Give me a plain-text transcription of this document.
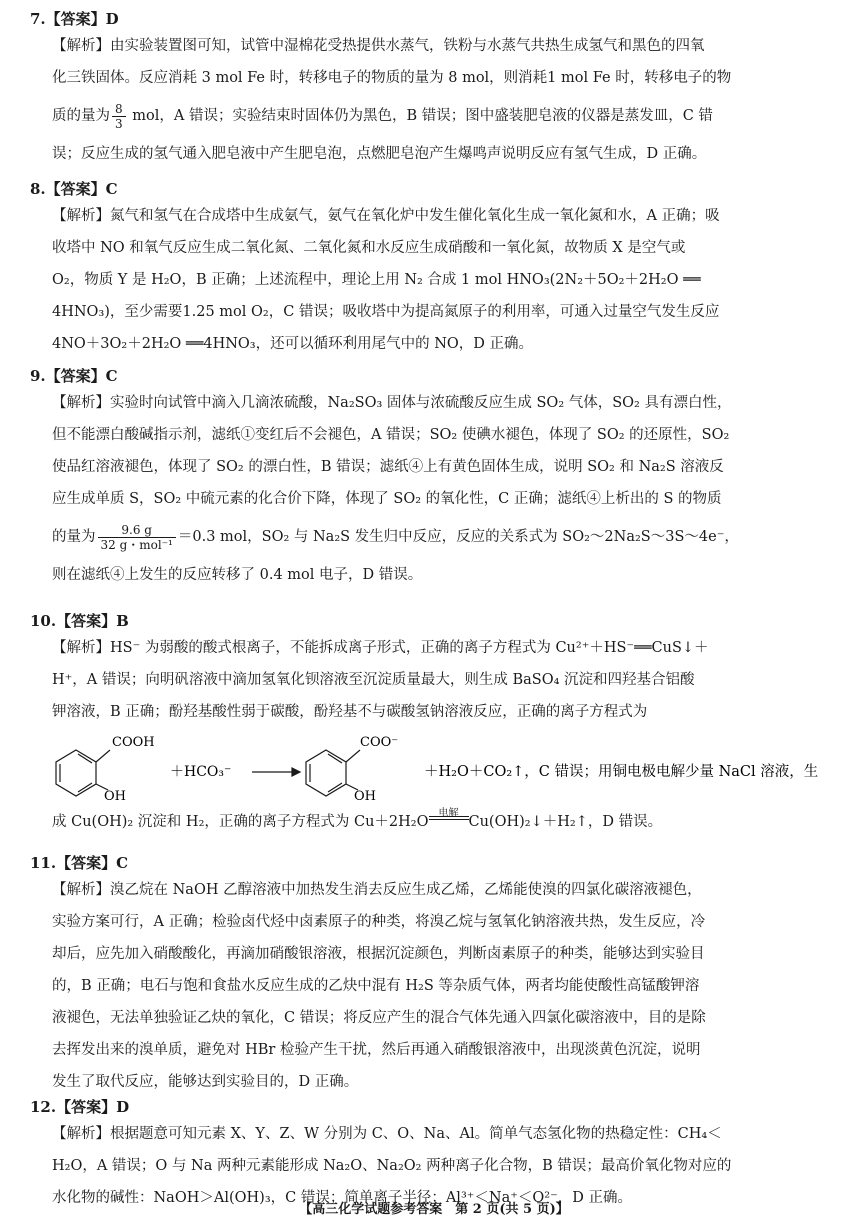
7.【答案】D
【解析】由实验装置图可知，试管中湿棉花受热提供水蒸气，铁粉与水蒸气共热生成氢气和黑色的四氧
化三铁固体。反应消耗 3 mol Fe 时，转移电子的物质的量为 8 mol，则消耗1 mol Fe 时，转移电子的物
质的量为 $\frac{8}{3}$ mol，A 错误；实验结束时固体仍为黑色，B 错误；图中盛装肥皂液的仪器是蒸发皿，C 错
误；反应生成的氢气通入肥皂液中产生肥皂泡，点燃肥皂泡产生爆鸣声说明反应有氢气生成，D 正确。
8.【答案】C
【解析】氮气和氢气在合成塔中生成氨气，氨气在氧化炉中发生催化氧化生成一氧化氮和水，A 正确；吸
收塔中 NO 和氧气反应生成二氧化氮、二氧化氮和水反应生成硝酸和一氧化氮，故物质 X 是空气或
O₂，物质 Y 是 H₂O，B 正确；上述流程中，理论上用 N₂ 合成 1 mol HNO₃(2N₂＋5O₂＋2H₂O ══
4HNO₃)，至少需要1.25 mol O₂，C 错误；吸收塔中为提高氮原子的利用率，可通入过量空气发生反应
4NO＋3O₂＋2H₂O ══4HNO₃，还可以循环利用尾气中的 NO，D 正确。
9.【答案】C
【解析】实验时向试管中滴入几滴浓硫酸，Na₂SO₃ 固体与浓硫酸反应生成 SO₂ 气体，SO₂ 具有漂白性，
但不能漂白酸碱指示剂，滤纸①变红后不会褪色，A 错误；SO₂ 使碘水褪色，体现了 SO₂ 的还原性，SO₂
使品红溶液褪色，体现了 SO₂ 的漂白性，B 错误；滤纸④上有黄色固体生成，说明 SO₂ 和 Na₂S 溶液反
应生成单质 S，SO₂ 中硫元素的化合价下降，体现了 SO₂ 的氧化性，C 正确；滤纸④上析出的 S 的物质
的量为 $\frac{9.6 g}{\text{32 g・mol⁻¹}} =0.3$ mol，SO₂ 与 Na₂S 发生归中反应，反应的关系式为 SO₂～2Na₂S～3S～4e⁻，
则在滤纸④上发生的反应转移了 0.4 mol 电子，D 错误。
10.【答案】B
【解析】HS⁻ 为弱酸的酸式根离子，不能拆成离子形式，正确的离子方程式为 Cu²⁺＋HS⁻══CuS↓＋
H⁺，A 错误；向明矾溶液中滴加氢氧化钡溶液至沉淀质量最大，则生成 BaSO₄ 沉淀和四羟基合铝酸
钾溶液，B 正确；酚羟基酸性弱于碳酸，酚羟基不与碳酸氢钠溶液反应，正确的离子方程式为
COOH
OH
＋HCO₃⁻
COO⁻
OH
＋H₂O＋CO₂↑，C 错误；用铜电极电解少量 NaCl 溶液，生
成 Cu(OH)₂ 沉淀和 H₂，正确的离子方程式为 Cu＋2H₂O
电解
Cu(OH)₂↓＋H₂↑，D 错误。
11.【答案】C
【解析】溴乙烷在 NaOH 乙醇溶液中加热发生消去反应生成乙烯，乙烯能使溴的四氯化碳溶液褪色，
实验方案可行，A 正确；检验卤代烃中卤素原子的种类，将溴乙烷与氢氧化钠溶液共热，发生反应，冷
却后，应先加入硝酸酸化，再滴加硝酸银溶液，根据沉淀颜色，判断卤素原子的种类，能够达到实验目
的，B 正确；电石与饱和食盐水反应生成的乙炔中混有 H₂S 等杂质气体，两者均能使酸性高锰酸钾溶
液褪色，无法单独验证乙炔的氧化，C 错误；将反应产生的混合气体先通入四氯化碳溶液中，目的是除
去挥发出来的溴单质，避免对 HBr 检验产生干扰，然后再通入硝酸银溶液中，出现淡黄色沉淀，说明
发生了取代反应，能够达到实验目的，D 正确。
12.【答案】D
【解析】根据题意可知元素 X、Y、Z、W 分别为 C、O、Na、Al。简单气态氢化物的热稳定性：CH₄＜
H₂O，A 错误；O 与 Na 两种元素能形成 Na₂O、Na₂O₂ 两种离子化合物，B 错误；最高价氧化物对应的
水化物的碱性：NaOH＞Al(OH)₃，C 错误；简单离子半径：Al³⁺＜Na⁺＜O²⁻，D 正确。
【高三化学试题参考答案　第 2 页(共 5 页)】
